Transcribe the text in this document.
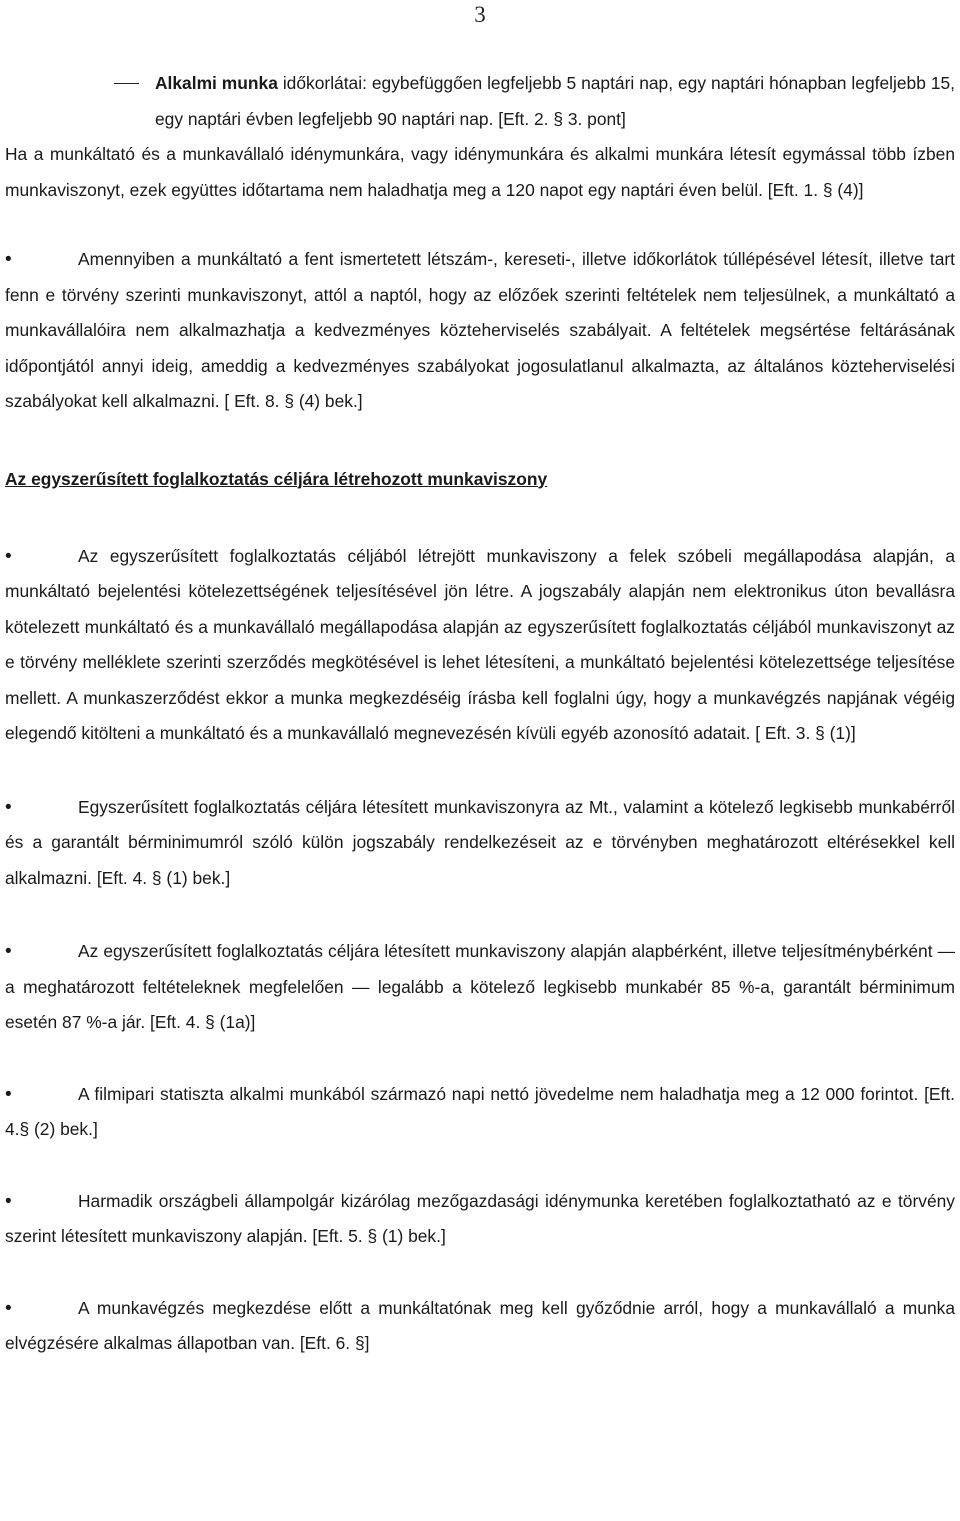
3

Alkalmi munka időkorlátai: egybefüggően legfeljebb 5 naptári nap, egy naptári hónapban legfeljebb 15, egy naptári évben legfeljebb 90 naptári nap. [Eft. 2. § 3. pont]

Ha a munkáltató és a munkavállaló idénymunkára, vagy idénymunkára és alkalmi munkára létesít egymással több ízben munkaviszonyt, ezek együttes időtartama nem haladhatja meg a 120 napot egy naptári éven belül. [Eft. 1. § (4)]

• Amennyiben a munkáltató a fent ismertetett létszám-, kereseti-, illetve időkorlátok túllépésével létesít, illetve tart fenn e törvény szerinti munkaviszonyt, attól a naptól, hogy az előzőek szerinti feltételek nem teljesülnek, a munkáltató a munkavállalóira nem alkalmazhatja a kedvezményes közteherviselés szabályait. A feltételek megsértése feltárásának időpontjától annyi ideig, ameddig a kedvezményes szabályokat jogosulatlanul alkalmazta, az általános közteherviselési szabályokat kell alkalmazni. [ Eft. 8. § (4) bek.]

Az egyszerűsített foglalkoztatás céljára létrehozott munkaviszony

• Az egyszerűsített foglalkoztatás céljából létrejött munkaviszony a felek szóbeli megállapodása alapján, a munkáltató bejelentési kötelezettségének teljesítésével jön létre. A jogszabály alapján nem elektronikus úton bevallásra kötelezett munkáltató és a munkavállaló megállapodása alapján az egyszerűsített foglalkoztatás céljából munkaviszonyt az e törvény melléklete szerinti szerződés megkötésével is lehet létesíteni, a munkáltató bejelentési kötelezettsége teljesítése mellett. A munkaszerződést ekkor a munka megkezdéséig írásba kell foglalni úgy, hogy a munkavégzés napjának végéig elegendő kitölteni a munkáltató és a munkavállaló megnevezésén kívüli egyéb azonosító adatait. [ Eft. 3. § (1)]

• Egyszerűsített foglalkoztatás céljára létesített munkaviszonyra az Mt., valamint a kötelező legkisebb munkabérről és a garantált bérminimumról szóló külön jogszabály rendelkezéseit az e törvényben meghatározott eltérésekkel kell alkalmazni. [Eft. 4. § (1) bek.]

• Az egyszerűsített foglalkoztatás céljára létesített munkaviszony alapján alapbérként, illetve teljesítménybérként — a meghatározott feltételeknek megfelelően — legalább a kötelező legkisebb munkabér 85 %-a, garantált bérminimum esetén 87 %-a jár. [Eft. 4. § (1a)]

• A filmipari statiszta alkalmi munkából származó napi nettó jövedelme nem haladhatja meg a 12 000 forintot. [Eft. 4.§ (2) bek.]

• Harmadik országbeli állampolgár kizárólag mezőgazdasági idénymunka keretében foglalkoztatható az e törvény szerint létesített munkaviszony alapján. [Eft. 5. § (1) bek.]

• A munkavégzés megkezdése előtt a munkáltatónak meg kell győződnie arról, hogy a munkavállaló a munka elvégzésére alkalmas állapotban van. [Eft. 6. §]
